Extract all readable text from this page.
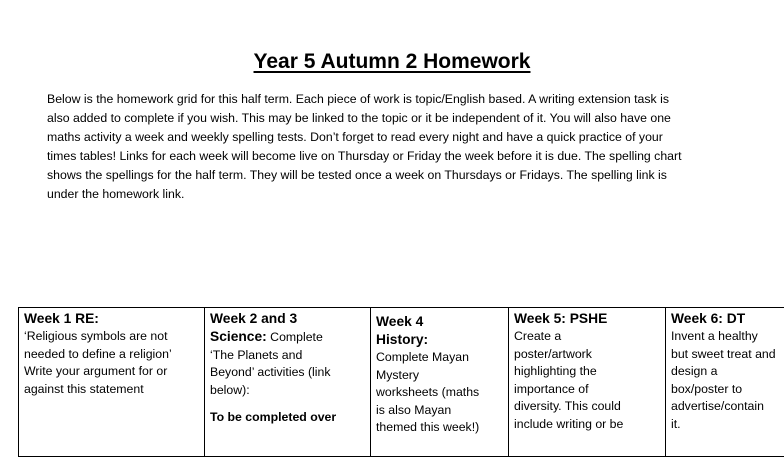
Year 5 Autumn 2 Homework

Below is the homework grid for this half term. Each piece of work is topic/English based. A writing extension task is
also added to complete if you wish. This may be linked to the topic or it be independent of it. You will also have one
maths activity a week and weekly spelling tests. Don’t forget to read every night and have a quick practice of your
times tables! Links for each week will become live on Thursday or Friday the week before it is due. The spelling chart
shows the spellings for the half term. They will be tested once a week on Thursdays or Fridays. The spelling link is
under the homework link.

Week 1 RE:
‘Religious symbols are not
needed to define a religion’
Write your argument for or
against this statement

Week 2 and 3
Science: Complete
‘The Planets and
Beyond’ activities (link
below):
To be completed over

Week 4
History:
Complete Mayan
Mystery
worksheets (maths
is also Mayan
themed this week!)

Week 5: PSHE
Create a
poster/artwork
highlighting the
importance of
diversity. This could
include writing or be

Week 6: DT
Invent a healthy
but sweet treat and
design a
box/poster to
advertise/contain
it.
